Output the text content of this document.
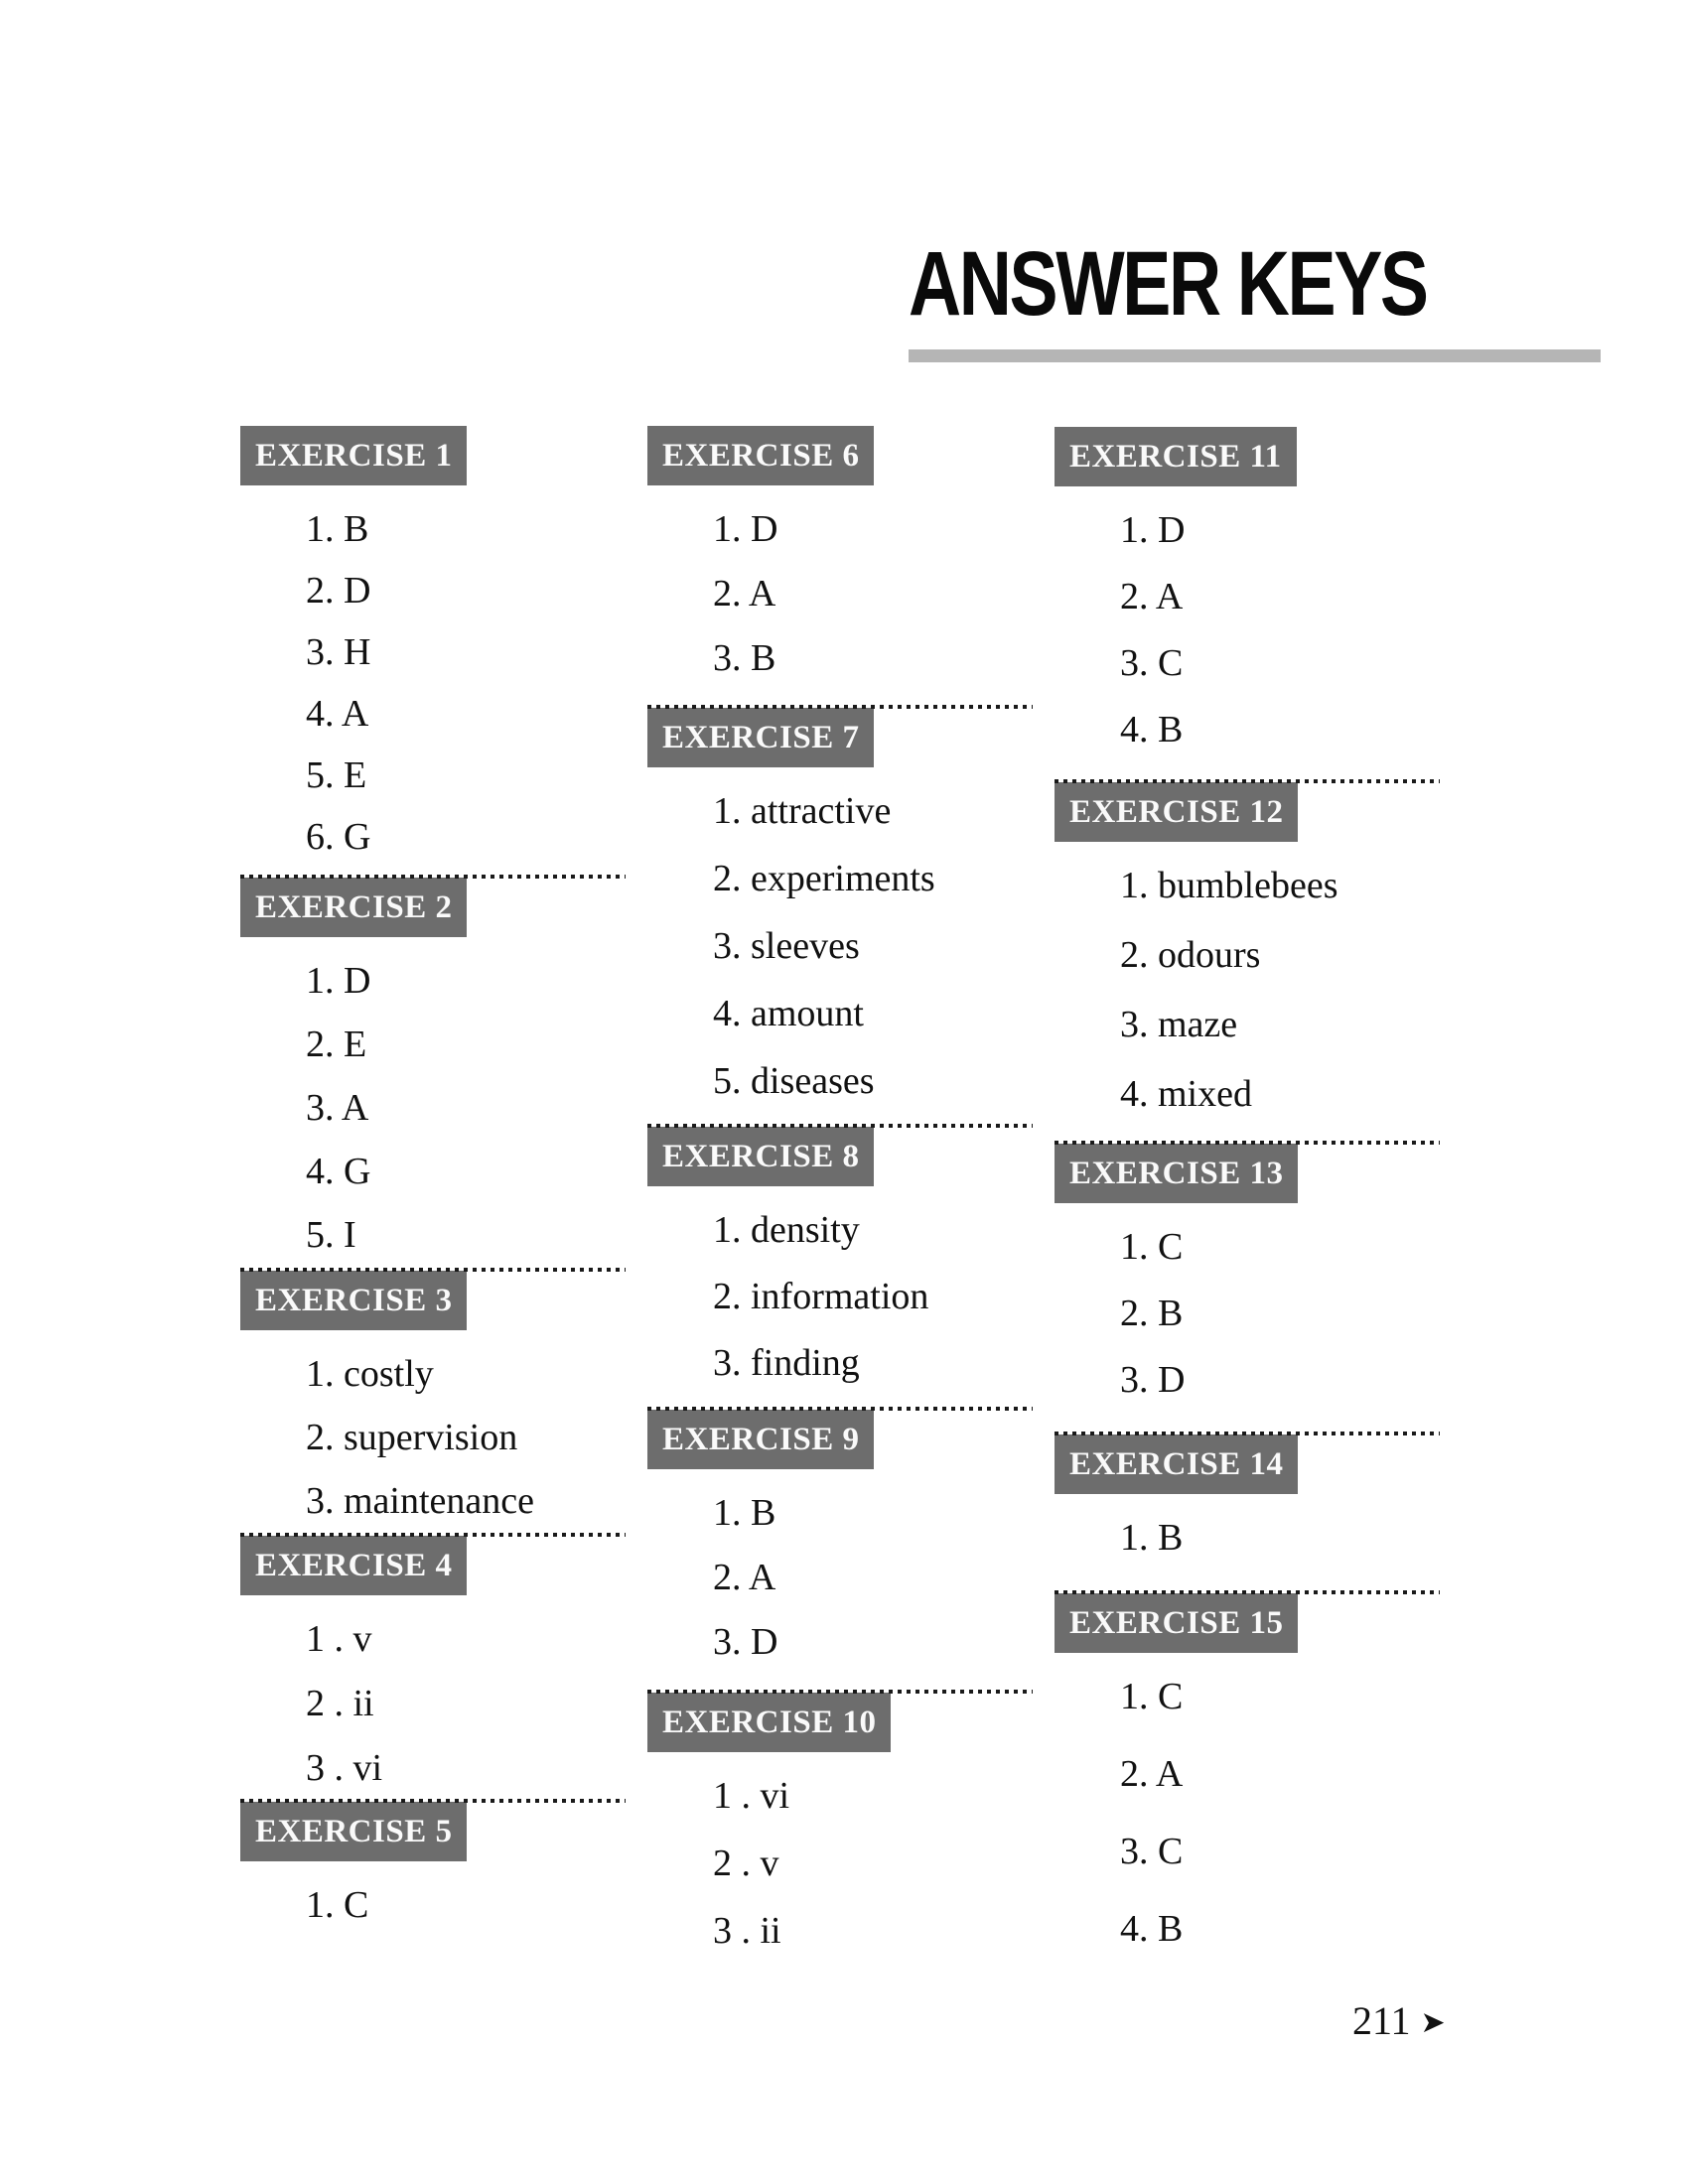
ANSWER KEYS
EXERCISE 1
1. B
2. D
3. H
4. A
5. E
6. G
EXERCISE 2
1. D
2. E
3. A
4. G
5. I
EXERCISE 3
1. costly
2. supervision
3. maintenance
EXERCISE 4
1 . v
2 . ii
3 . vi
EXERCISE 5
1. C
EXERCISE 6
1. D
2. A
3. B
EXERCISE 7
1. attractive
2. experiments
3. sleeves
4. amount
5. diseases
EXERCISE 8
1. density
2. information
3. finding
EXERCISE 9
1. B
2. A
3. D
EXERCISE 10
1 . vi
2 . v
3 . ii
EXERCISE 11
1. D
2. A
3. C
4. B
EXERCISE 12
1. bumblebees
2. odours
3. maze
4. mixed
EXERCISE 13
1. C
2. B
3. D
EXERCISE 14
1. B
EXERCISE 15
1. C
2. A
3. C
4. B
211 ➤
